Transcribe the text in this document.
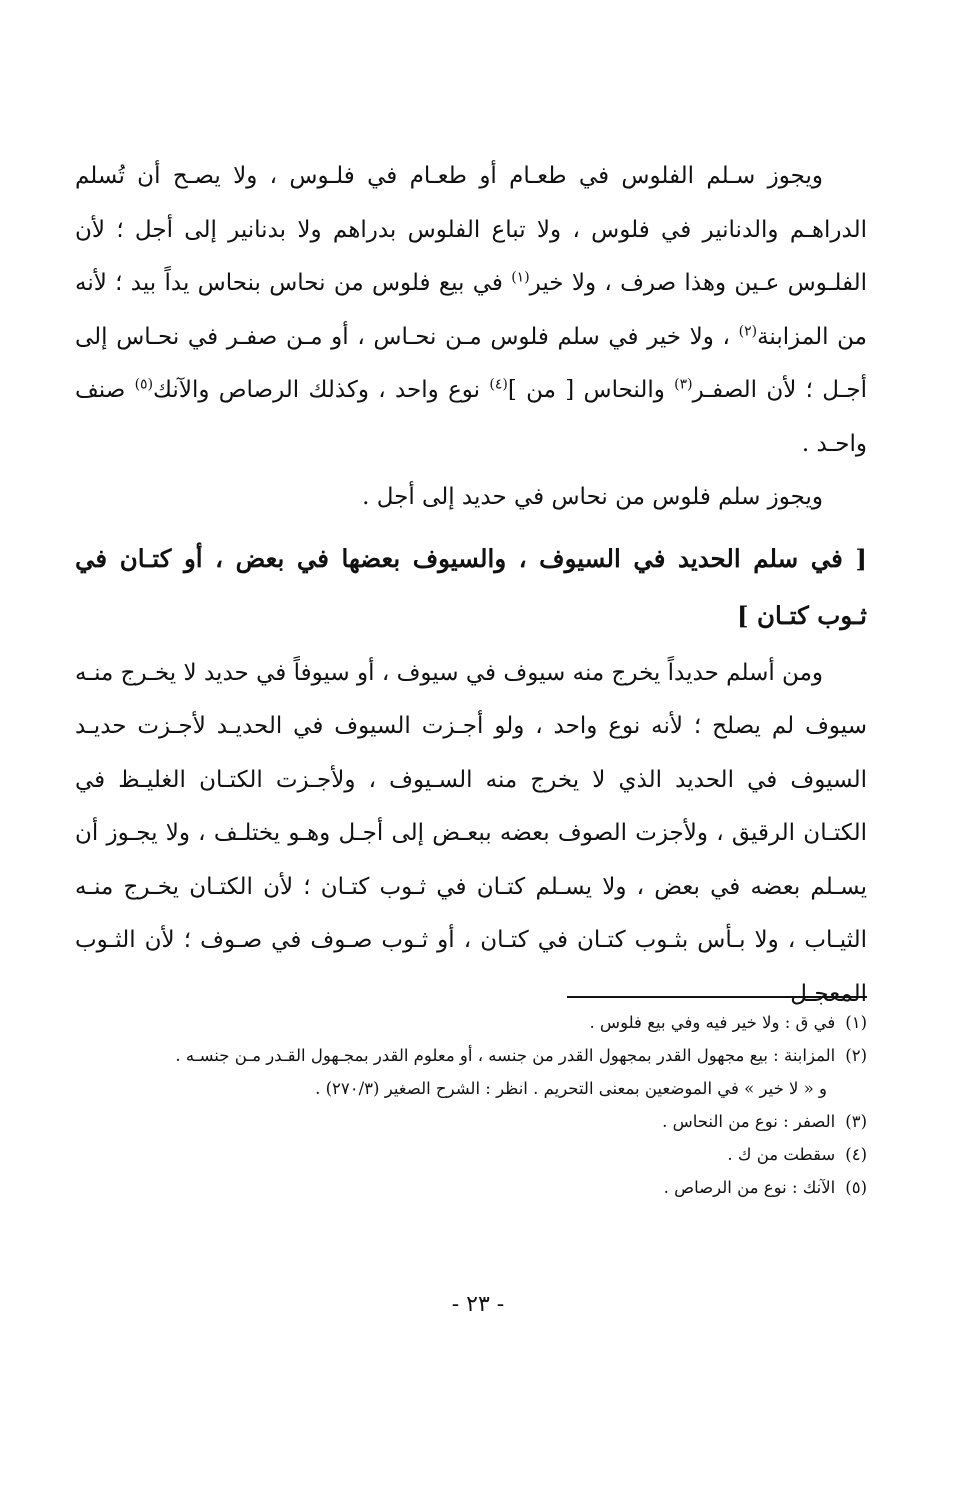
ويجوز سـلم الفلوس في طعـام أو طعـام في فلـوس ، ولا يصـح أن تُسلم الدراهـم والدنانير في فلوس ، ولا تباع الفلوس بدراهم ولا بدنانير إلى أجل ؛ لأن الفلـوس عـين وهذا صرف ، ولا خير$^{(١)}$ في بيع فلوس من نحاس بنحاس يداً بيد ؛ لأنه من المزابنة$^{(٢)}$ ، ولا خير في سلم فلوس مـن نحـاس ، أو مـن صفـر في نحـاس إلى أجـل ؛ لأن الصفـر$^{(٣)}$ والنحاس [ من ]$^{(٤)}$ نوع واحد ، وكذلك الرصاص والآنك$^{(٥)}$ صنف واحـد .

ويجوز سلم فلوس من نحاس في حديد إلى أجل .

[ في سلم الحديد في السيوف ، والسيوف بعضها في بعض ، أو كتـان في ثـوب كتـان ]

ومن أسلم حديداً يخرج منه سيوف في سيوف ، أو سيوفاً في حديد لا يخـرج منـه سيوف لم يصلح ؛ لأنه نوع واحد ، ولو أجـزت السيوف في الحديـد لأجـزت حديـد السيوف في الحديد الذي لا يخرج منه السـيوف ، ولأجـزت الكتـان الغليـظ في الكتـان الرقيق ، ولأجزت الصوف بعضه ببعـض إلى أجـل وهـو يختلـف ، ولا يجـوز أن يسـلم بعضه في بعض ، ولا يسـلم كتـان في ثـوب كتـان ؛ لأن الكتـان يخـرج منـه الثيـاب ، ولا بـأس بثـوب كتـان في كتـان ، أو ثـوب صـوف في صـوف ؛ لأن الثـوب المعجـل

(١)في ق : ولا خير فيه وفي بيع فلوس .
(٢)المزابنة : بيع مجهول القدر بمجهول القدر من جنسه ، أو معلوم القدر بمجـهول القـدر مـن جنسـه .
و « لا خير » في الموضعين بمعنى التحريم . انظر : الشرح الصغير (٢٧٠/٣) .
(٣)الصفر : نوع من النحاس .
(٤)سقطت من ك .
(٥)الآنك : نوع من الرصاص .
- ٢٣ -
